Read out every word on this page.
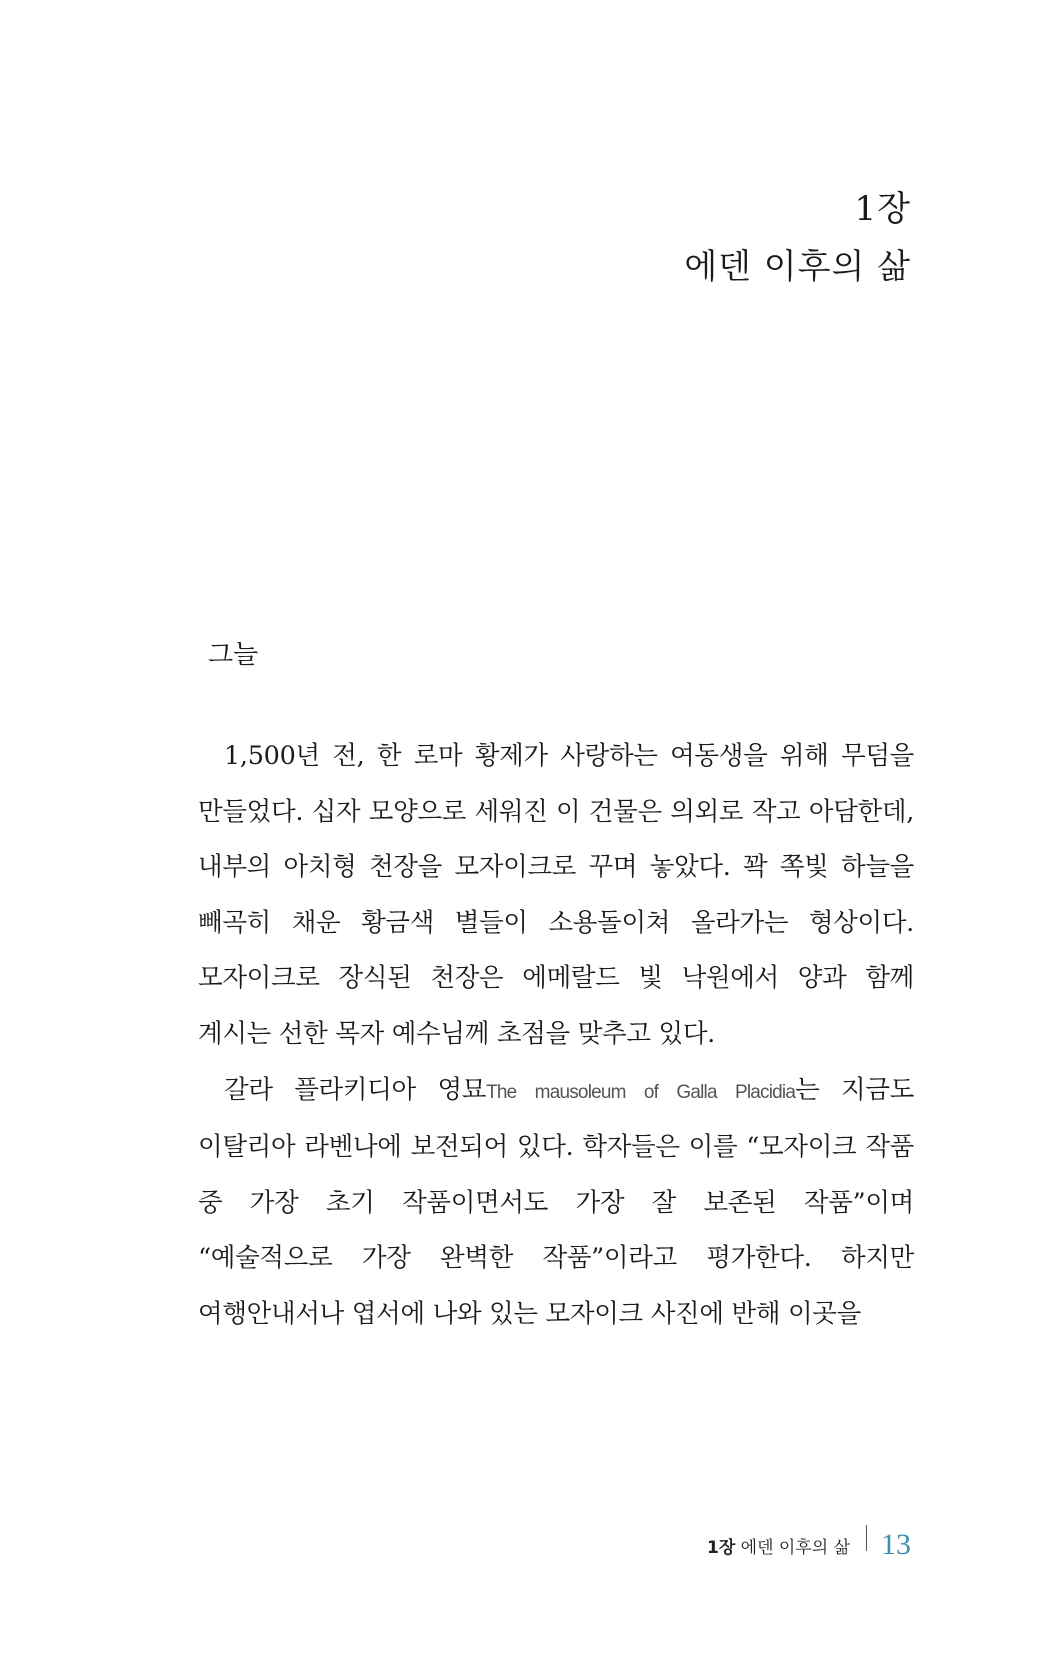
1장
에덴 이후의 삶
그늘

1,500년 전, 한 로마 황제가 사랑하는 여동생을 위해 무덤을 만들었다. 십자 모양으로 세워진 이 건물은 의외로 작고 아담한데, 내부의 아치형 천장을 모자이크로 꾸며 놓았다. 꽉 쪽빛 하늘을 빼곡히 채운 황금색 별들이 소용돌이쳐 올라가는 형상이다. 모자이크로 장식된 천장은 에메랄드 빛 낙원에서 양과 함께 계시는 선한 목자 예수님께 초점을 맞추고 있다.

갈라 플라키디아 영묘The mausoleum of Galla Placidia는 지금도 이탈리아 라벤나에 보전되어 있다. 학자들은 이를 “모자이크 작품 중 가장 초기 작품이면서도 가장 잘 보존된 작품”이며 “예술적으로 가장 완벽한 작품”이라고 평가한다. 하지만 여행안내서나 엽서에 나와 있는 모자이크 사진에 반해 이곳을

1장 에덴 이후의 삶 13
